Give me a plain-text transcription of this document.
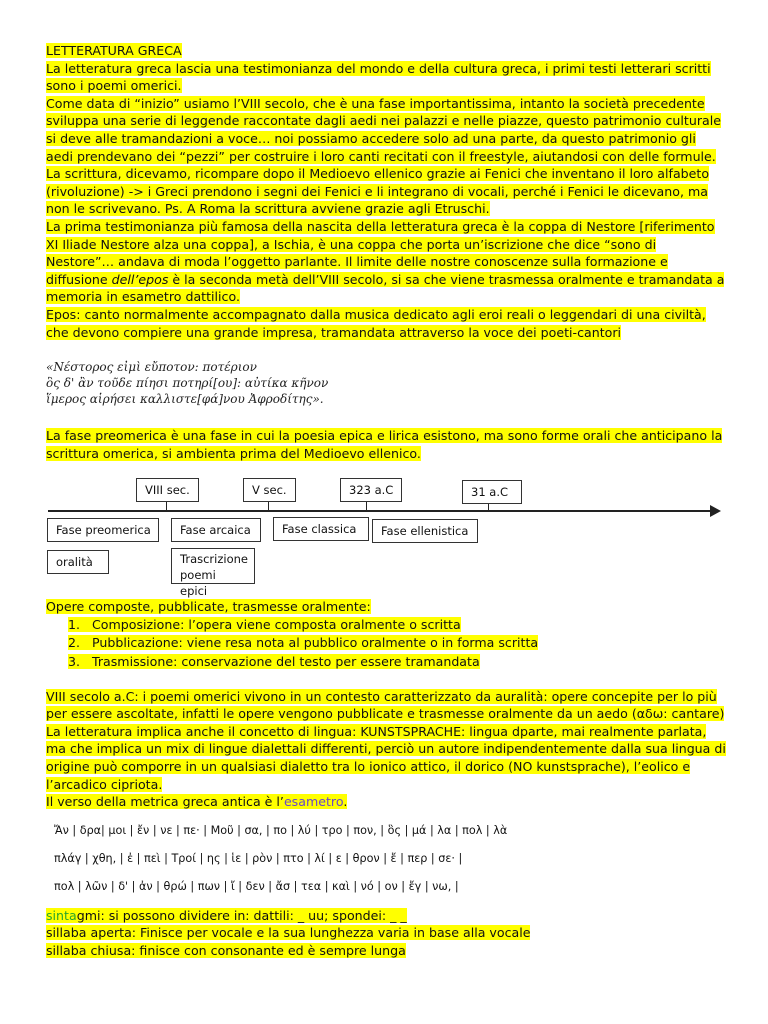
LETTERATURA GRECA
La letteratura greca lascia una testimonianza del mondo e della cultura greca, i primi testi letterari scritti sono i poemi omerici.
Come data di “inizio” usiamo l’VIII secolo, che è una fase importantissima, intanto la società precedente sviluppa una serie di leggende raccontate dagli aedi nei palazzi e nelle piazze, questo patrimonio culturale si deve alle tramandazioni a voce… noi possiamo accedere solo ad una parte, da questo patrimonio gli aedi prendevano dei “pezzi” per costruire i loro canti recitati con il freestyle, aiutandosi con delle formule.
La scrittura, dicevamo, ricompare dopo il Medioevo ellenico grazie ai Fenici che inventano il loro alfabeto (rivoluzione) -> i Greci prendono i segni dei Fenici e li integrano di vocali, perché i Fenici le dicevano, ma non le scrivevano. Ps. A Roma la scrittura avviene grazie agli Etruschi.
La prima testimonianza più famosa della nascita della letteratura greca è la coppa di Nestore [riferimento XI Iliade Nestore alza una coppa], a Ischia, è una coppa che porta un’iscrizione che dice “sono di Nestore”… andava di moda l’oggetto parlante. Il limite delle nostre conoscenze sulla formazione e diffusione dell’epos è la seconda metà dell’VIII secolo, si sa che viene trasmessa oralmente e tramandata a memoria in esametro dattilico.
Epos: canto normalmente accompagnato dalla musica dedicato agli eroi reali o leggendari di una civiltà, che devono compiere una grande impresa, tramandata attraverso la voce dei poeti-cantori

«Νέστορος εἰμὶ εὔποτον: ποτέριον
ὃς δ' ἂν τοῦδε πίησι ποτηρί[ου]: αὐτίκα κῆνον
ἵμερος αἱρήσει καλλιστε[φά]νου Ἀφροδίτης».

La fase preomerica è una fase in cui la poesia epica e lirica esistono, ma sono forme orali che anticipano la scrittura omerica, si ambienta prima del Medioevo ellenico.

VIII sec.	V sec.	323 a.C	31 a.C
Fase preomerica	Fase arcaica	Fase classica	Fase ellenistica
oralità	Trascrizione poemi epici

Opere composte, pubblicate, trasmesse oralmente:

1. Composizione: l’opera viene composta oralmente o scritta
2. Pubblicazione: viene resa nota al pubblico oralmente o in forma scritta
3. Trasmissione: conservazione del testo per essere tramandata

VIII secolo a.C: i poemi omerici vivono in un contesto caratterizzato da auralità: opere concepite per lo più per essere ascoltate, infatti le opere vengono pubblicate e trasmesse oralmente da un aedo (αδω: cantare)
La letteratura implica anche il concetto di lingua: KUNSTSPRACHE: lingua dparte, mai realmente parlata, ma che implica un mix di lingue dialettali differenti, perciò un autore indipendentemente dalla sua lingua di origine può comporre in un qualsiasi dialetto tra lo ionico attico, il dorico (NO kunstsprache), l’eolico e l’arcadico cipriota.
Il verso della metrica greca antica è l’esametro.

Ἄν | δρα| μοι | ἔν | νε | πε· | Μοῦ | σα, | πο | λύ | τρο | πον, | ὃς | μά | λα | πολ | λὰ
πλάγ | χθη, | ἐ | πεὶ | Τροί | ης | ἱε | ρὸν | πτο | λί | ε | θρον | ἔ | περ | σε· |
πολ | λῶν | δ' | ἀν | θρώ | πων | ἴ | δεν | ἄσ | τεα | καὶ | νό | ον | ἔγ | νω, |

sintagmi: si possono dividere in: dattili: _ uu; spondei: _ _
sillaba aperta: Finisce per vocale e la sua lunghezza varia in base alla vocale
sillaba chiusa: finisce con consonante ed è sempre lunga
